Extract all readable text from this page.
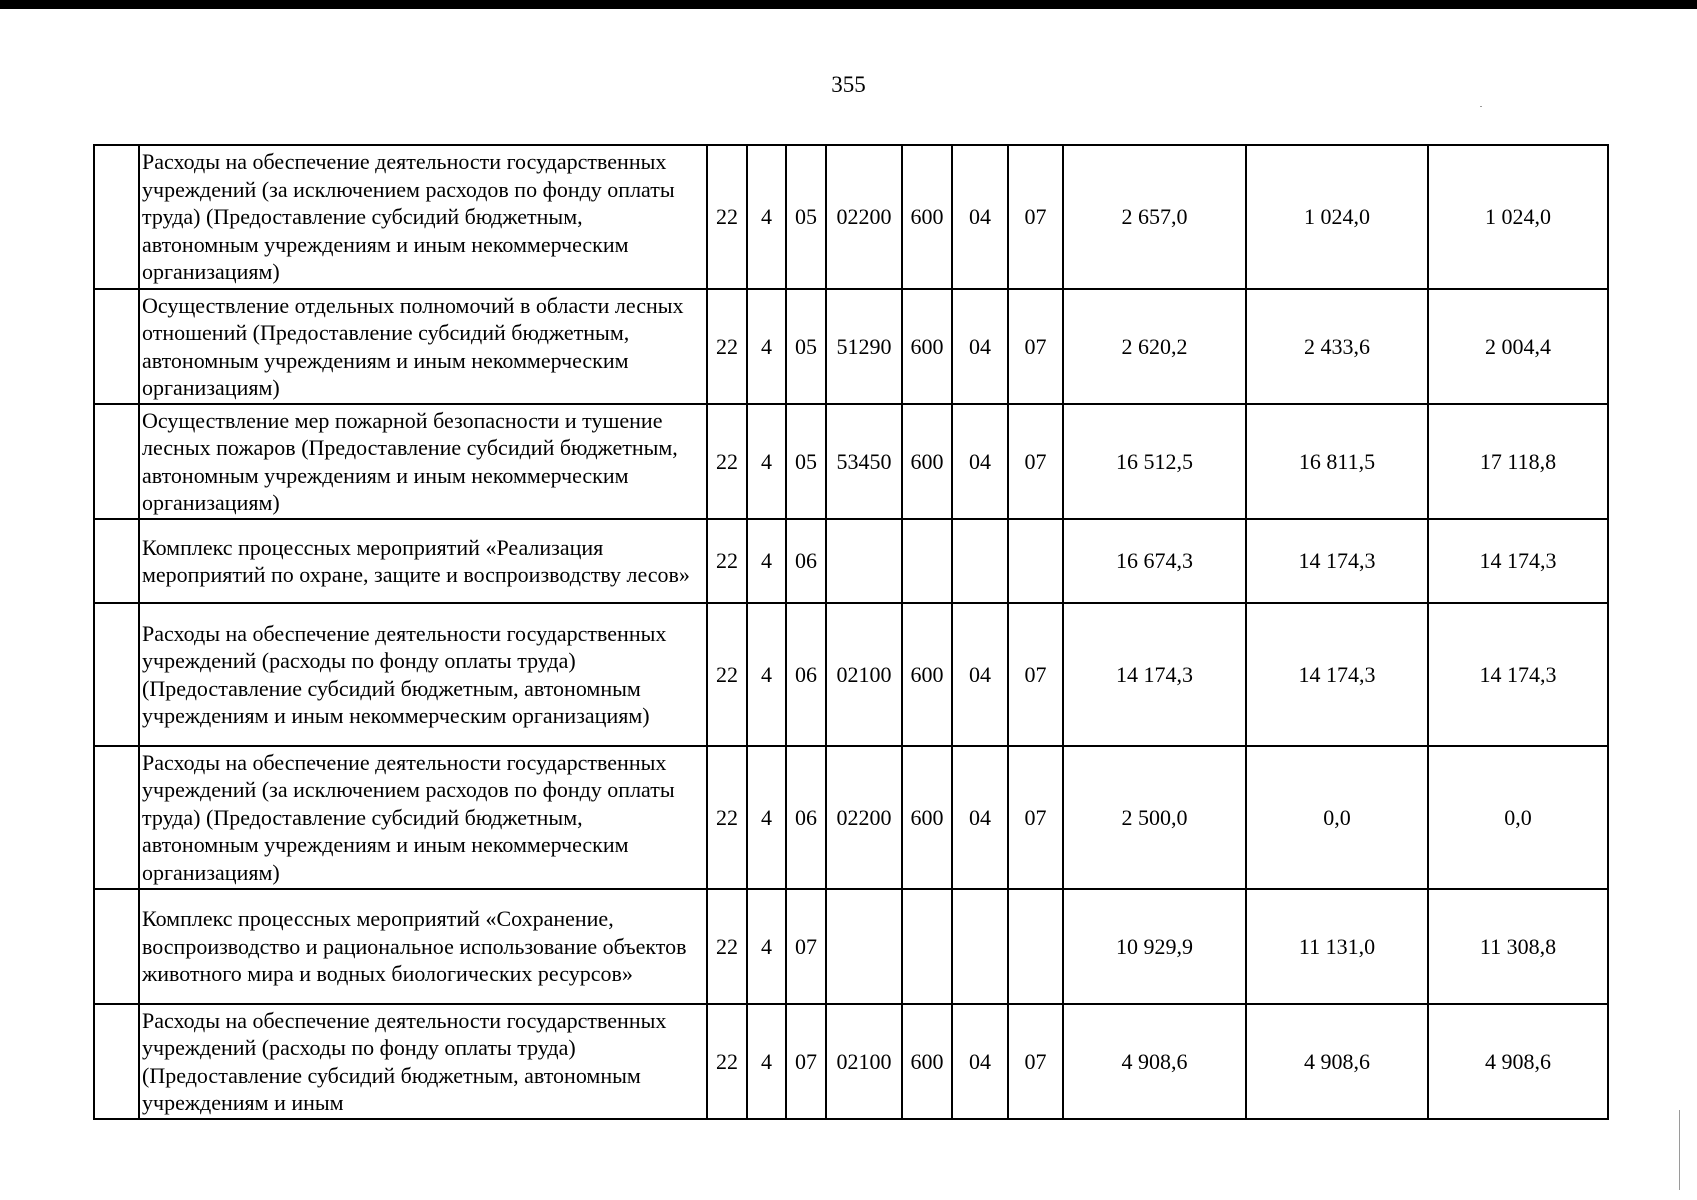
355
	Расходы на обеспечение деятельности государственных учреждений (за исключением расходов по фонду оплаты труда) (Предоставление субсидий бюджетным, автономным учреждениям и иным некоммерческим организациям)	22	4	05	02200	600	04	07	2 657,0	1 024,0	1 024,0
	Осуществление отдельных полномочий в области лесных отношений (Предоставление субсидий бюджетным, автономным учреждениям и иным некоммерческим организациям)	22	4	05	51290	600	04	07	2 620,2	2 433,6	2 004,4
	Осуществление мер пожарной безопасности и тушение лесных пожаров (Предоставление субсидий бюджетным, автономным учреждениям и иным некоммерческим организациям)	22	4	05	53450	600	04	07	16 512,5	16 811,5	17 118,8
	Комплекс процессных мероприятий «Реализация мероприятий по охране, защите и воспроизводству лесов»	22	4	06					16 674,3	14 174,3	14 174,3
	Расходы на обеспечение деятельности государственных учреждений (расходы по фонду оплаты труда) (Предоставление субсидий бюджетным, автономным учреждениям и иным некоммерческим организациям)	22	4	06	02100	600	04	07	14 174,3	14 174,3	14 174,3
	Расходы на обеспечение деятельности государственных учреждений (за исключением расходов по фонду оплаты труда) (Предоставление субсидий бюджетным, автономным учреждениям и иным некоммерческим организациям)	22	4	06	02200	600	04	07	2 500,0	0,0	0,0
	Комплекс процессных мероприятий «Сохранение, воспроизводство и рациональное использование объектов животного мира и водных биологических ресурсов»	22	4	07					10 929,9	11 131,0	11 308,8
	Расходы на обеспечение деятельности государственных учреждений (расходы по фонду оплаты труда) (Предоставление субсидий бюджетным, автономным учреждениям и иным	22	4	07	02100	600	04	07	4 908,6	4 908,6	4 908,6
